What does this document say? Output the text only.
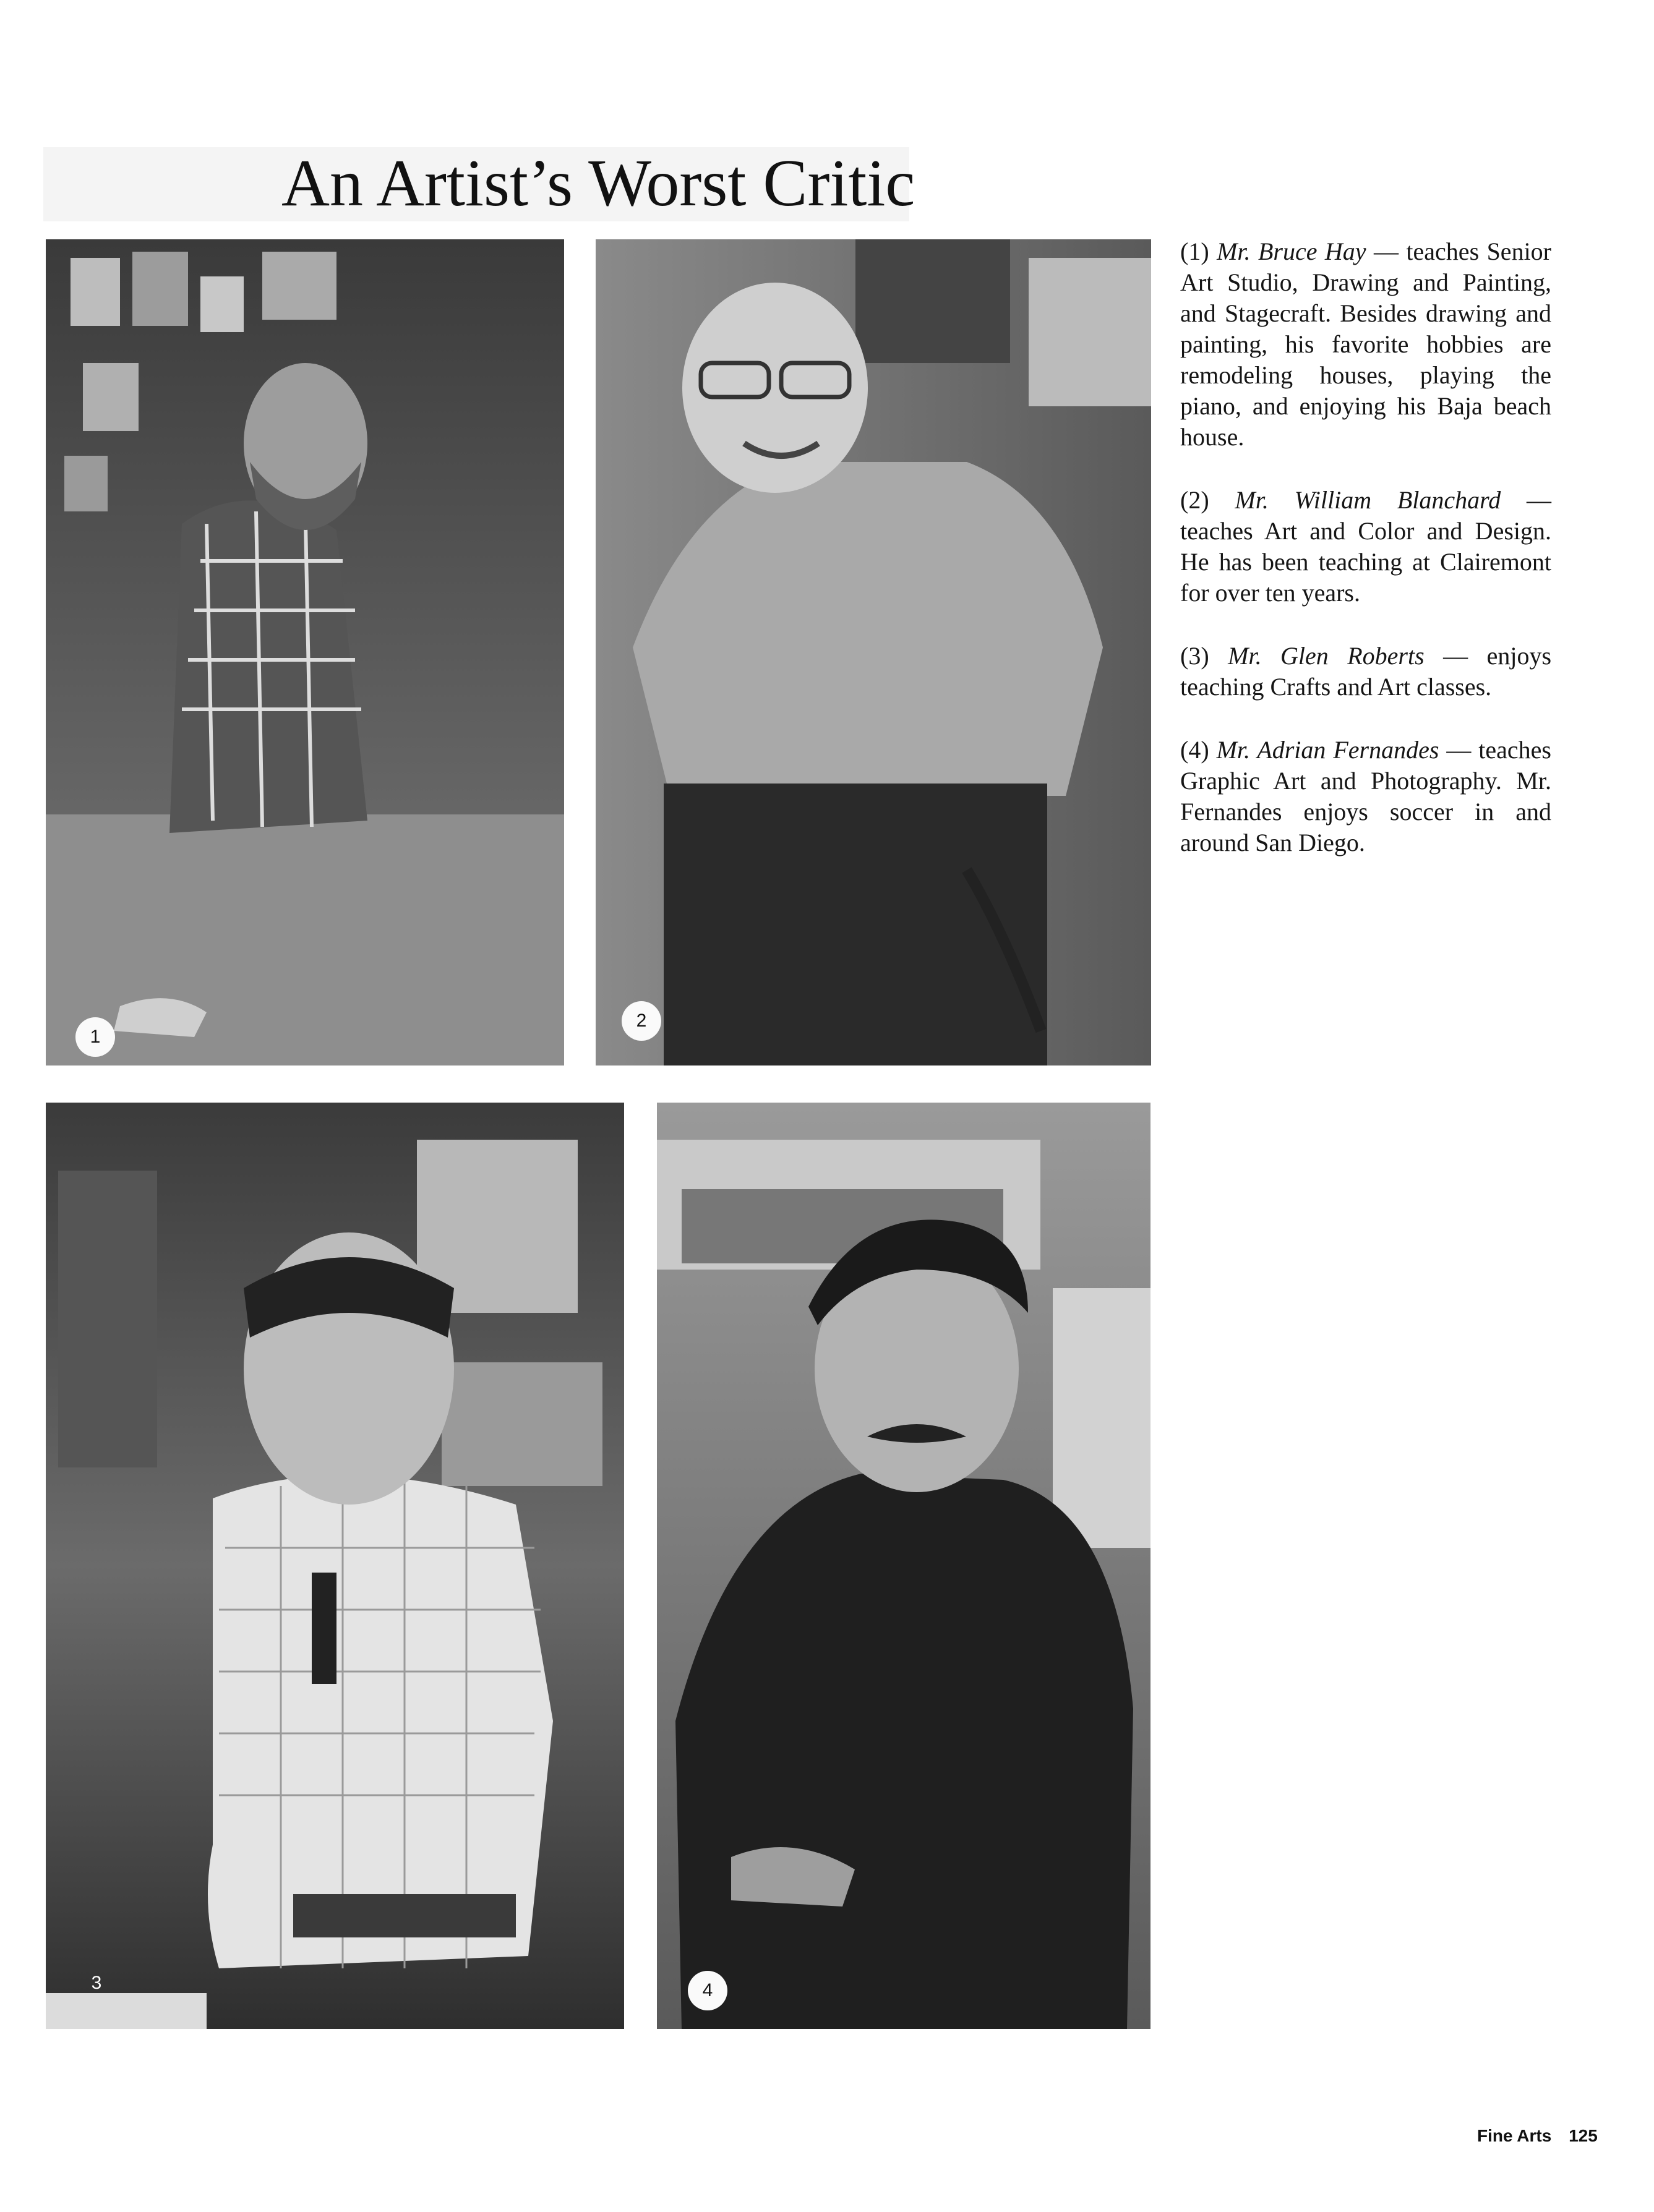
An Artist’s Worst Critic
1
2
3	4

(1) Mr. Bruce Hay — teaches Senior Art Studio, Drawing and Painting, and Stagecraft. Besides drawing and painting, his favorite hobbies are remodeling houses, playing the piano, and enjoying his Baja beach house.

(2) Mr. William Blanchard — teaches Art and Color and Design. He has been teaching at Clairemont for over ten years.

(3) Mr. Glen Roberts — enjoys teaching Crafts and Art classes.

(4) Mr. Adrian Fernandes — teaches Graphic Art and Photography. Mr. Fernandes enjoys soccer in and around San Diego.

Fine Arts 125
